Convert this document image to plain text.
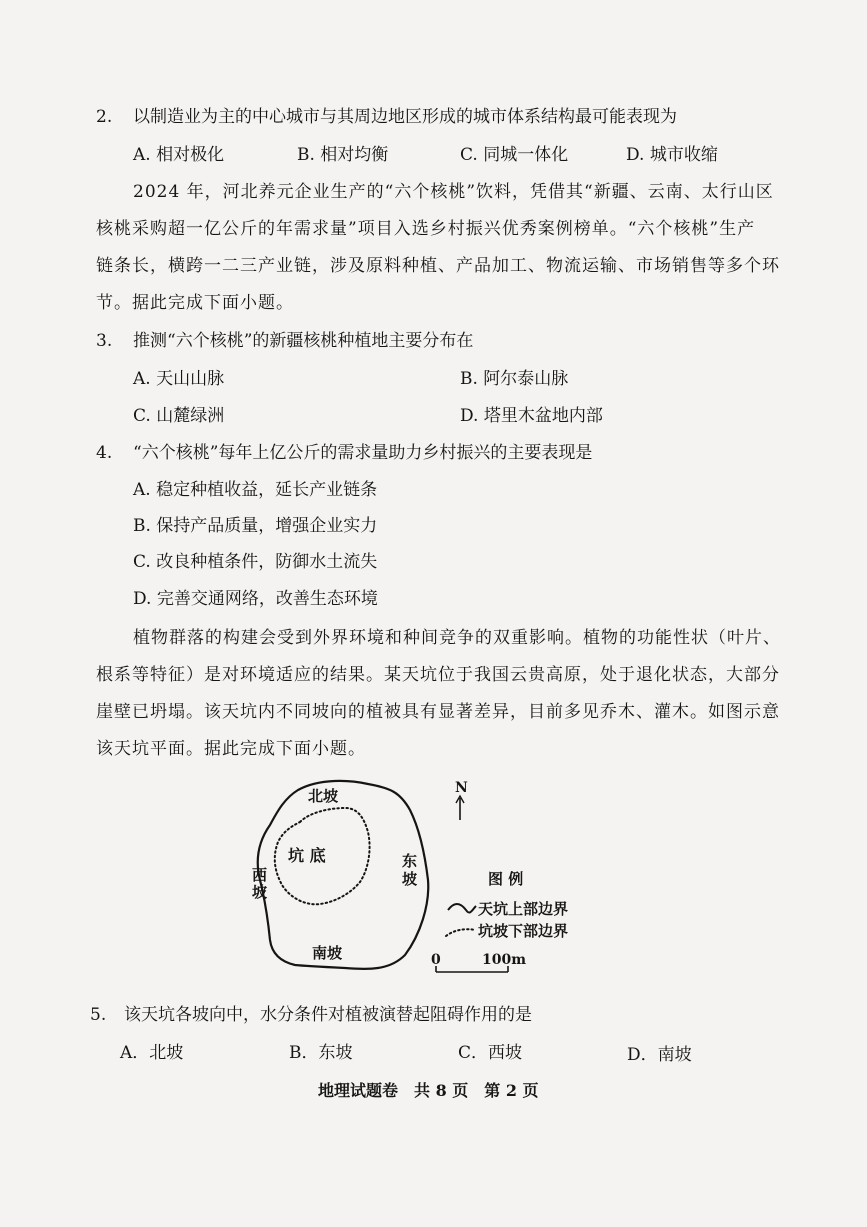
2. 以制造业为主的中心城市与其周边地区形成的城市体系结构最可能表现为
A. 相对极化	B. 相对均衡	C. 同城一体化	D. 城市收缩
2024 年，河北养元企业生产的“六个核桃”饮料，凭借其“新疆、云南、太行山区
核桃采购超一亿公斤的年需求量”项目入选乡村振兴优秀案例榜单。“六个核桃”生产
链条长，横跨一二三产业链，涉及原料种植、产品加工、物流运输、市场销售等多个环
节。据此完成下面小题。
3. 推测“六个核桃”的新疆核桃种植地主要分布在
A. 天山山脉	B. 阿尔泰山脉
C. 山麓绿洲	D. 塔里木盆地内部
4. “六个核桃”每年上亿公斤的需求量助力乡村振兴的主要表现是
A. 稳定种植收益，延长产业链条
B. 保持产品质量，增强企业实力
C. 改良种植条件，防御水土流失
D. 完善交通网络，改善生态环境
植物群落的构建会受到外界环境和种间竞争的双重影响。植物的功能性状（叶片、
根系等特征）是对环境适应的结果。某天坑位于我国云贵高原，处于退化状态，大部分
崖壁已坍塌。该天坑内不同坡向的植被具有显著差异，目前多见乔木、灌木。如图示意
该天坑平面。据此完成下面小题。
北坡
坑 底	东
坡
西
坡
南坡
N
图 例
天坑上部边界
坑坡下部边界
0	100m
5. 该天坑各坡向中，水分条件对植被演替起阻碍作用的是
A．北坡	B．东坡	C．西坡	D．南坡
地理试题卷　共 8 页　第 2 页
